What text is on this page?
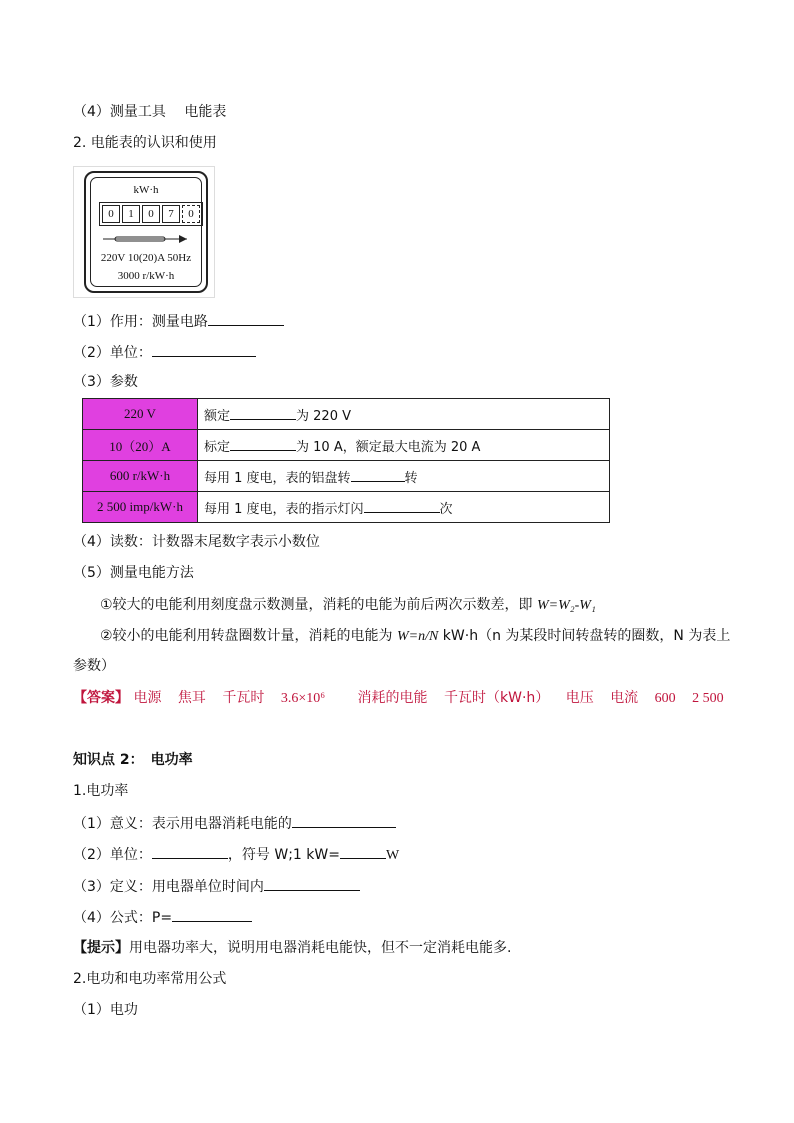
（4）测量工具　 电能表
2. 电能表的认识和使用
kW·h
0	1	0	7	0
220V 10(20)A 50Hz
3000 r/kW·h
（1）作用：测量电路
（2）单位：
（3）参数
220 V	额定 为 220 V
10（20）A	标定 为 10 A，额定最大电流为 20 A
600 r/kW·h	每用 1 度电，表的铝盘转 转
2 500 imp/kW·h	每用 1 度电，表的指示灯闪 次
（4）读数：计数器末尾数字表示小数位
（5）测量电能方法
①较大的电能利用刻度盘示数测量，消耗的电能为前后两次示数差，即 W=W₂-W₁
②较小的电能利用转盘圈数计量，消耗的电能为 W=n/N kW·h（n 为某段时间转盘转的圈数，N 为表上
参数）
【答案】 电源 焦耳 千瓦时 3.6×10⁶ 消耗的电能 千瓦时（kW·h） 电压 电流 600 2 500
知识点 2：　电功率
1.电功率
（1）意义：表示用电器消耗电能的
（2）单位：	，符号 W;1 kW=	W
（3）定义：用电器单位时间内
（4）公式：P=
【提示】用电器功率大，说明用电器消耗电能快，但不一定消耗电能多.
2.电功和电功率常用公式
（1）电功
